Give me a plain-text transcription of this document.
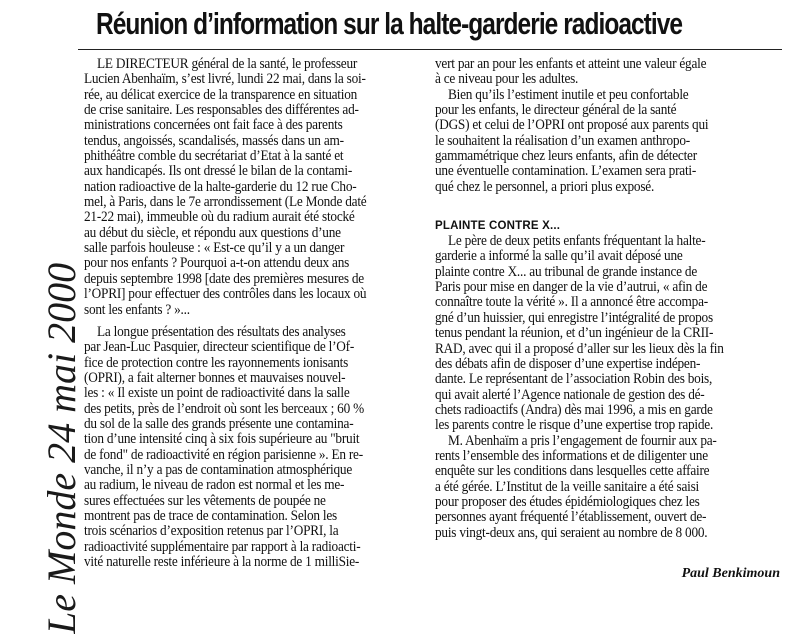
Réunion d’information sur la halte-garderie radioactive
Le Monde 24 mai 2000
LE DIRECTEUR général de la santé, le professeur
Lucien Abenhaïm, s’est livré, lundi 22 mai, dans la soi-
rée, au délicat exercice de la transparence en situation
de crise sanitaire. Les responsables des différentes ad-
ministrations concernées ont fait face à des parents
tendus, angoissés, scandalisés, massés dans un am-
phithéâtre comble du secrétariat d’Etat à la santé et
aux handicapés. Ils ont dressé le bilan de la contami-
nation radioactive de la halte-garderie du 12 rue Cho-
mel, à Paris, dans le 7e arrondissement (Le Monde daté
21-22 mai), immeuble où du radium aurait été stocké
au début du siècle, et répondu aux questions d’une
salle parfois houleuse : « Est-ce qu’il y a un danger
pour nos enfants ? Pourquoi a-t-on attendu deux ans
depuis septembre 1998 [date des premières mesures de
l’OPRI] pour effectuer des contrôles dans les locaux où
sont les enfants ? »...
La longue présentation des résultats des analyses
par Jean-Luc Pasquier, directeur scientifique de l’Of-
fice de protection contre les rayonnements ionisants
(OPRI), a fait alterner bonnes et mauvaises nouvel-
les : « Il existe un point de radioactivité dans la salle
des petits, près de l’endroit où sont les berceaux ; 60 %
du sol de la salle des grands présente une contamina-
tion d’une intensité cinq à six fois supérieure au "bruit
de fond" de radioactivité en région parisienne ». En re-
vanche, il n’y a pas de contamination atmosphérique
au radium, le niveau de radon est normal et les me-
sures effectuées sur les vêtements de poupée ne
montrent pas de trace de contamination. Selon les
trois scénarios d’exposition retenus par l’OPRI, la
radioactivité supplémentaire par rapport à la radioacti-
vité naturelle reste inférieure à la norme de 1 milliSie-
vert par an pour les enfants et atteint une valeur égale
à ce niveau pour les adultes.
Bien qu’ils l’estiment inutile et peu confortable
pour les enfants, le directeur général de la santé
(DGS) et celui de l’OPRI ont proposé aux parents qui
le souhaitent la réalisation d’un examen anthropo-
gammamétrique chez leurs enfants, afin de détecter
une éventuelle contamination. L’examen sera prati-
qué chez le personnel, a priori plus exposé.
PLAINTE CONTRE X...
Le père de deux petits enfants fréquentant la halte-
garderie a informé la salle qu’il avait déposé une
plainte contre X... au tribunal de grande instance de
Paris pour mise en danger de la vie d’autrui, « afin de
connaître toute la vérité ». Il a annoncé être accompa-
gné d’un huissier, qui enregistre l’intégralité de propos
tenus pendant la réunion, et d’un ingénieur de la CRII-
RAD, avec qui il a proposé d’aller sur les lieux dès la fin
des débats afin de disposer d’une expertise indépen-
dante. Le représentant de l’association Robin des bois,
qui avait alerté l’Agence nationale de gestion des dé-
chets radioactifs (Andra) dès mai 1996, a mis en garde
les parents contre le risque d’une expertise trop rapide.
M. Abenhaïm a pris l’engagement de fournir aux pa-
rents l’ensemble des informations et de diligenter une
enquête sur les conditions dans lesquelles cette affaire
a été gérée. L’Institut de la veille sanitaire a été saisi
pour proposer des études épidémiologiques chez les
personnes ayant fréquenté l’établissement, ouvert de-
puis vingt-deux ans, qui seraient au nombre de 8 000.
Paul Benkimoun
